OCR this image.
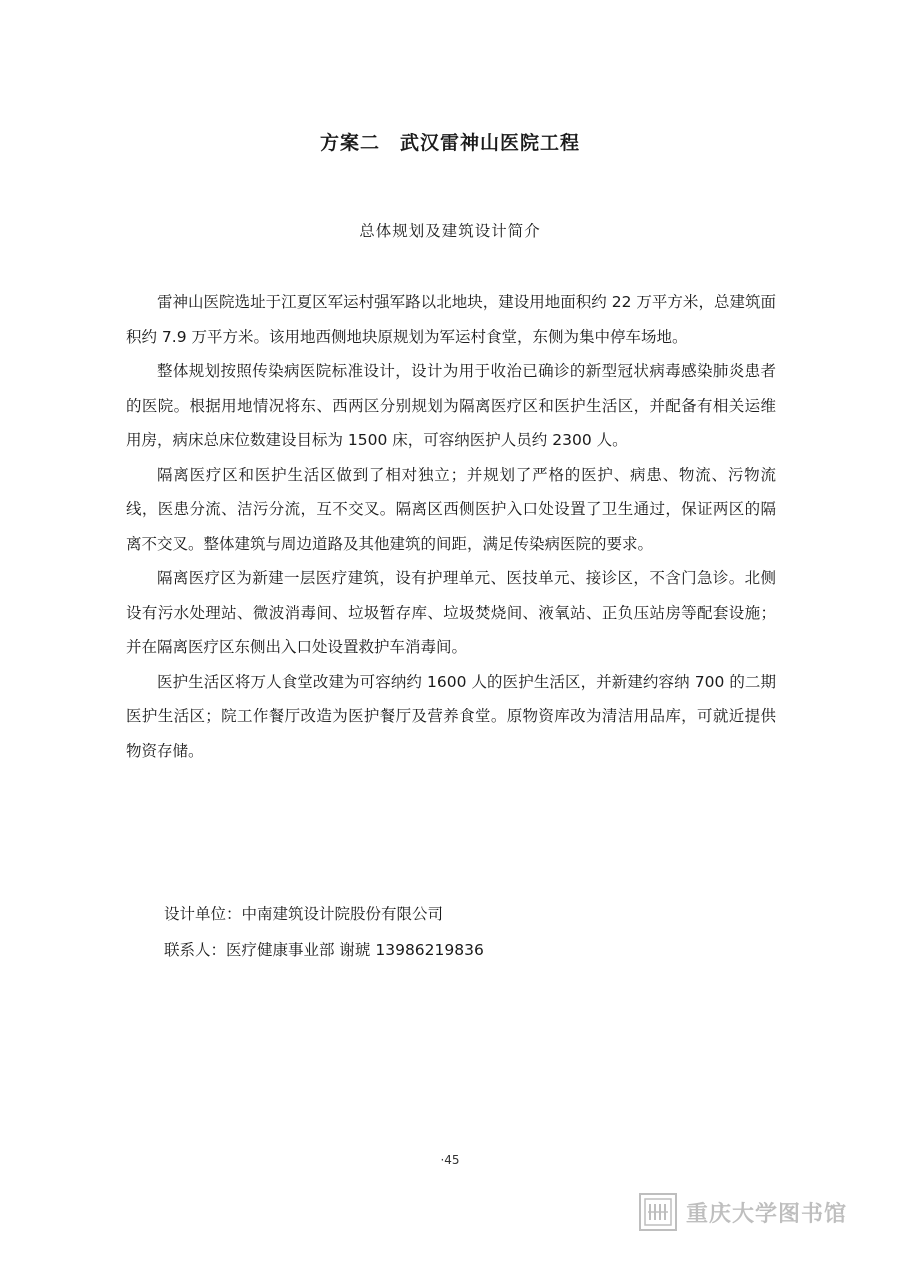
方案二　武汉雷神山医院工程
总体规划及建筑设计简介

雷神山医院选址于江夏区军运村强军路以北地块，建设用地面积约 22 万平方米，总建筑面积约 7.9 万平方米。该用地西侧地块原规划为军运村食堂，东侧为集中停车场地。

整体规划按照传染病医院标准设计，设计为用于收治已确诊的新型冠状病毒感染肺炎患者的医院。根据用地情况将东、西两区分别规划为隔离医疗区和医护生活区，并配备有相关运维用房，病床总床位数建设目标为 1500 床，可容纳医护人员约 2300 人。

隔离医疗区和医护生活区做到了相对独立；并规划了严格的医护、病患、物流、污物流线，医患分流、洁污分流，互不交叉。隔离区西侧医护入口处设置了卫生通过，保证两区的隔离不交叉。整体建筑与周边道路及其他建筑的间距，满足传染病医院的要求。

隔离医疗区为新建一层医疗建筑，设有护理单元、医技单元、接诊区，不含门急诊。北侧设有污水处理站、微波消毒间、垃圾暂存库、垃圾焚烧间、液氧站、正负压站房等配套设施；并在隔离医疗区东侧出入口处设置救护车消毒间。

医护生活区将万人食堂改建为可容纳约 1600 人的医护生活区，并新建约容纳 700 的二期医护生活区；院工作餐厅改造为医护餐厅及营养食堂。原物资库改为清洁用品库，可就近提供物资存储。

设计单位：中南建筑设计院股份有限公司
联系人：医疗健康事业部 谢琥 13986219836
·45
重庆大学图书馆
